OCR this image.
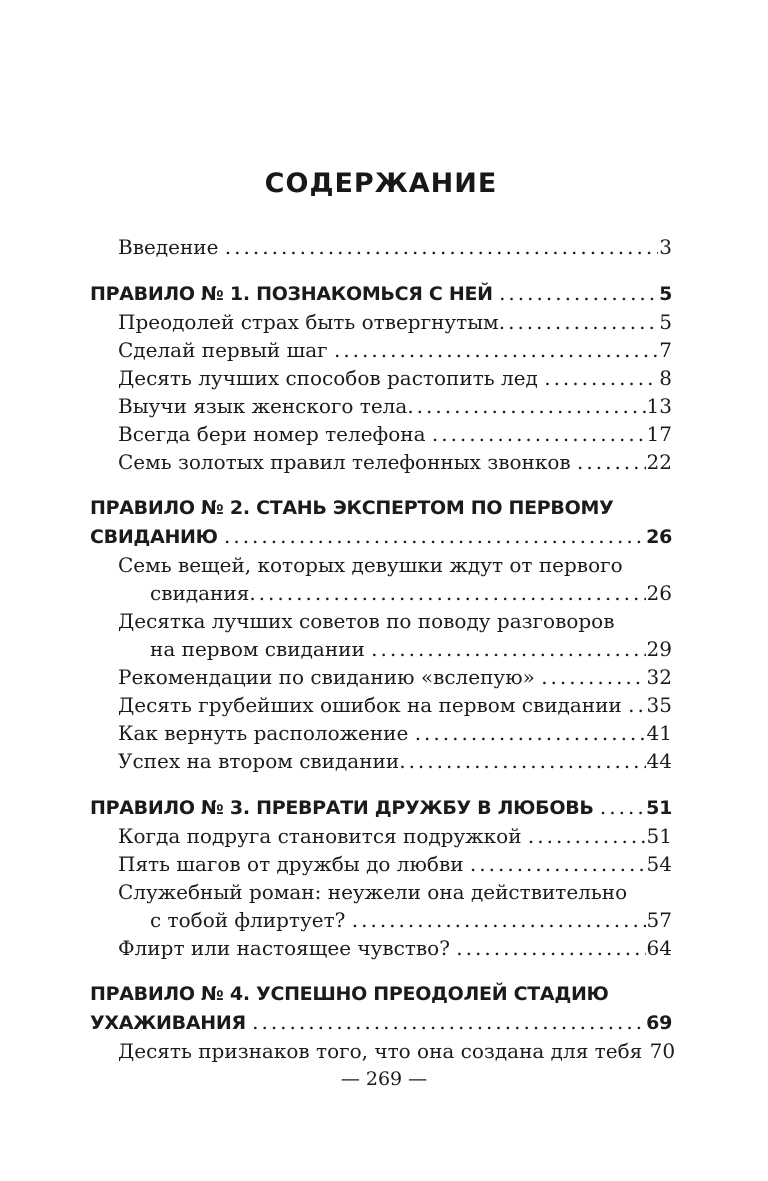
СОДЕРЖАНИЕ
Введение .....	3
ПРАВИЛО № 1. ПОЗНАКОМЬСЯ С НЕЙ .....	5
Преодолей страх быть отвергнутым .....	5
Сделай первый шаг .....	7
Десять лучших способов растопить лед .....	8
Выучи язык женского тела .....	13
Всегда бери номер телефона .....	17
Семь золотых правил телефонных звонков .....	22
ПРАВИЛО № 2. СТАНЬ ЭКСПЕРТОМ ПО ПЕРВОМУ
СВИДАНИЮ .....	26
Семь вещей, которых девушки ждут от первого
свидания .....	26
Десятка лучших советов по поводу разговоров
на первом свидании .....	29
Рекомендации по свиданию «вслепую» .....	32
Десять грубейших ошибок на первом свидании ..... 35
Как вернуть расположение .....	41
Успех на втором свидании .....	44
ПРАВИЛО № 3. ПРЕВРАТИ ДРУЖБУ В ЛЮБОВЬ ..... 51
Когда подруга становится подружкой .....	51
Пять шагов от дружбы до любви .....	54
Служебный роман: неужели она действительно
с тобой флиртует? .....	57
Флирт или настоящее чувство? .....	64
ПРАВИЛО № 4. УСПЕШНО ПРЕОДОЛЕЙ СТАДИЮ
УХАЖИВАНИЯ .....	69
Десять признаков того, что она создана для тебя 70
— 269 —
